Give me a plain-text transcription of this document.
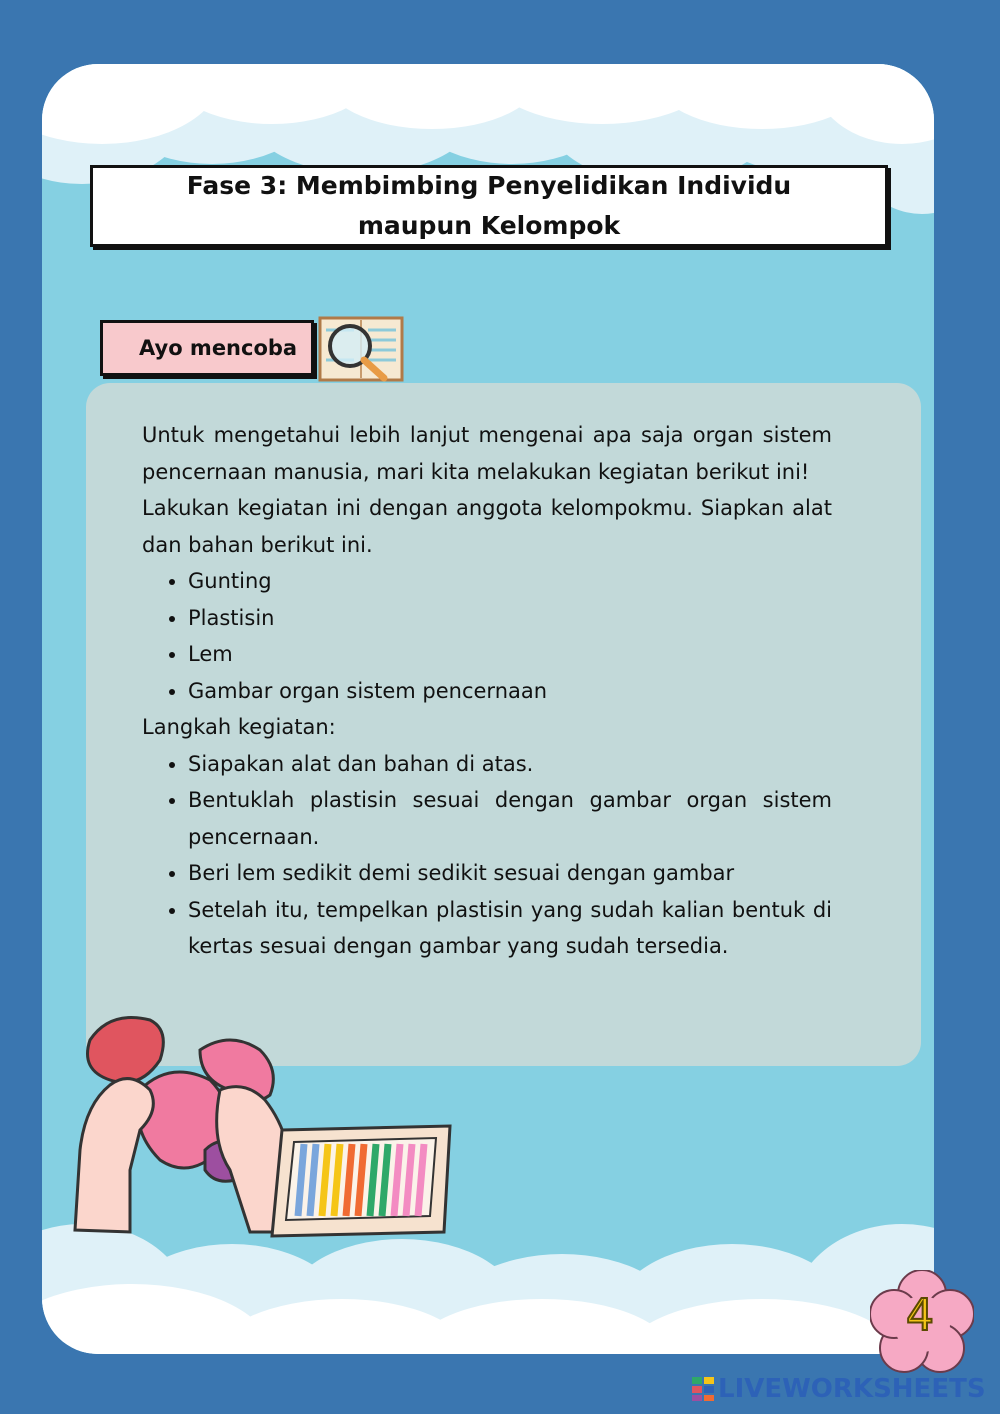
Fase 3: Membimbing Penyelidikan Individu
maupun Kelompok
Ayo mencoba

Untuk mengetahui lebih lanjut mengenai apa saja organ sistem pencernaan manusia, mari kita melakukan kegiatan berikut ini!

Lakukan kegiatan ini dengan anggota kelompokmu. Siapkan alat dan bahan berikut ini.

• Gunting
• Plastisin
• Lem
• Gambar organ sistem pencernaan

Langkah kegiatan:

• Siapakan alat dan bahan di atas.
• Bentuklah plastisin sesuai dengan gambar organ sistem pencernaan.
• Beri lem sedikit demi sedikit sesuai dengan gambar
• Setelah itu, tempelkan plastisin yang sudah kalian bentuk di kertas sesuai dengan gambar yang sudah tersedia.
4
LIVEWORKSHEETS
